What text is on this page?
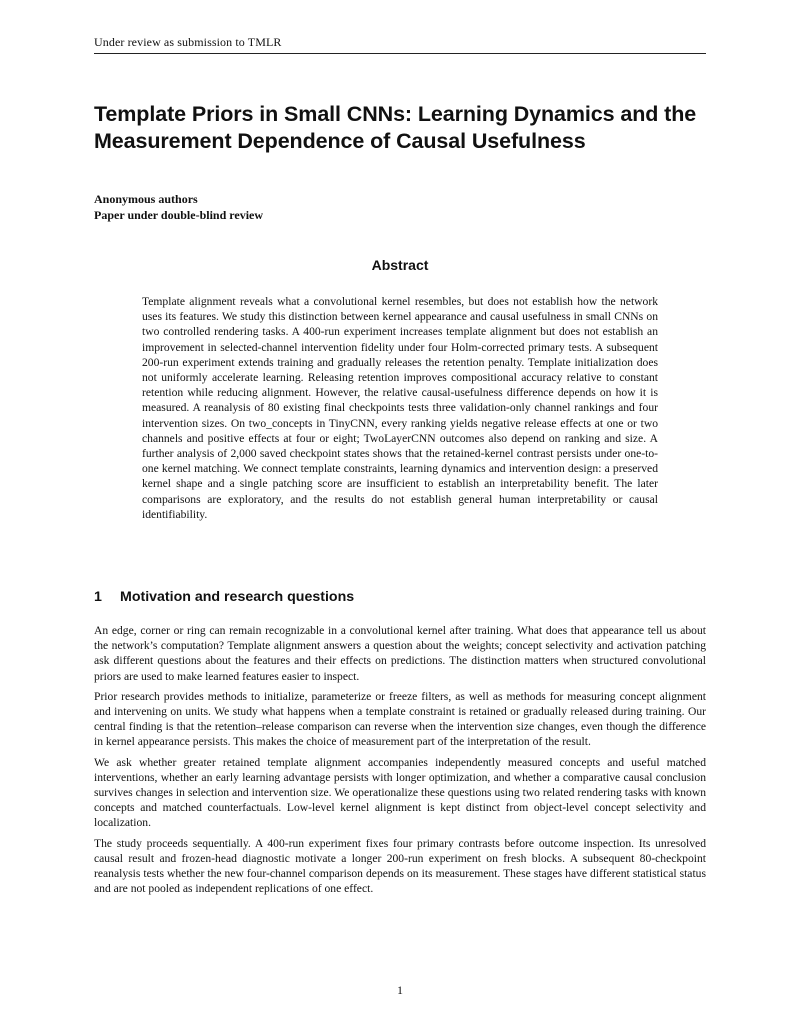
Under review as submission to TMLR
Template Priors in Small CNNs: Learning Dynamics and the
Measurement Dependence of Causal Usefulness
Anonymous authors
Paper under double-blind review
Abstract

Template alignment reveals what a convolutional kernel resembles, but does not establish how the network uses its features. We study this distinction between kernel appearance and causal usefulness in small CNNs on two controlled rendering tasks. A 400-run experiment increases template alignment but does not establish an improvement in selected-channel intervention fidelity under four Holm-corrected primary tests. A subsequent 200-run experiment extends training and gradually releases the retention penalty. Template initialization does not uniformly accelerate learning. Releasing retention improves compositional accuracy relative to constant retention while reducing alignment. However, the relative causal-usefulness difference depends on how it is measured. A reanalysis of 80 existing final checkpoints tests three validation-only channel rankings and four intervention sizes. On two_concepts in TinyCNN, every ranking yields negative release effects at one or two channels and positive effects at four or eight; TwoLayerCNN outcomes also depend on ranking and size. A further analysis of 2,000 saved checkpoint states shows that the retained-kernel contrast persists under one-to-one kernel matching. We connect template constraints, learning dynamics and intervention design: a preserved kernel shape and a single patching score are insufficient to establish an interpretability benefit. The later comparisons are exploratory, and the results do not establish general human interpretability or causal identifiability.

1 Motivation and research questions

An edge, corner or ring can remain recognizable in a convolutional kernel after training. What does that appearance tell us about the network’s computation? Template alignment answers a question about the weights; concept selectivity and activation patching ask different questions about the features and their effects on predictions. The distinction matters when structured convolutional priors are used to make learned features easier to inspect.

Prior research provides methods to initialize, parameterize or freeze filters, as well as methods for measuring concept alignment and intervening on units. We study what happens when a template constraint is retained or gradually released during training. Our central finding is that the retention–release comparison can reverse when the intervention size changes, even though the difference in kernel appearance persists. This makes the choice of measurement part of the interpretation of the result.

We ask whether greater retained template alignment accompanies independently measured concepts and useful matched interventions, whether an early learning advantage persists with longer optimization, and whether a comparative causal conclusion survives changes in selection and intervention size. We operationalize these questions using two related rendering tasks with known concepts and matched counterfactuals. Low-level kernel alignment is kept distinct from object-level concept selectivity and localization.

The study proceeds sequentially. A 400-run experiment fixes four primary contrasts before outcome inspection. Its unresolved causal result and frozen-head diagnostic motivate a longer 200-run experiment on fresh blocks. A subsequent 80-checkpoint reanalysis tests whether the new four-channel comparison depends on its measurement. These stages have different statistical status and are not pooled as independent replications of one effect.

1
